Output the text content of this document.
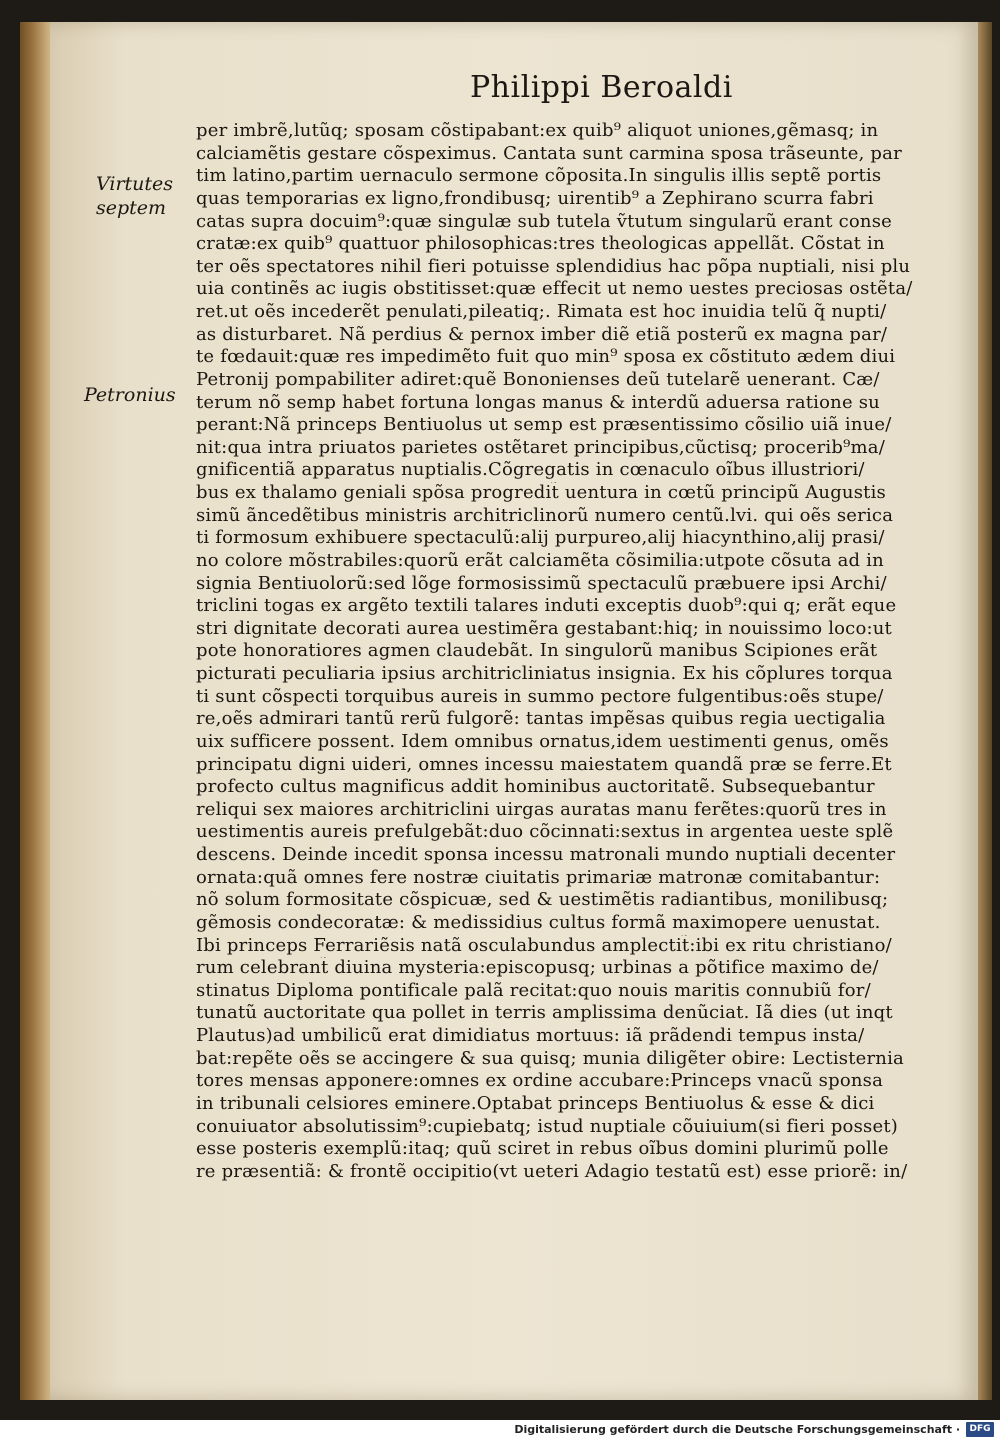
Philippi Beroaldi
Virtutes
septem
Petronius
per imbrẽ,lutũq; sposam cõstipabant:ex quib⁹ aliquot uniones,gẽmasq; in
calciamẽtis gestare cõspeximus. Cantata sunt carmina sposa trãseunte, par
tim latino,partim uernaculo sermone cõposita.In singulis illis septẽ portis
quas temporarias ex ligno,frondibusq; uirentib⁹ a Zephirano scurra fabri
catas supra docuim⁹:quæ singulæ sub tutela ṽtutum singularũ erant conse
cratæ:ex quib⁹ quattuor philosophicas:tres theologicas appellãt. Cõstat in
ter oẽs spectatores nihil fieri potuisse splendidius hac põpa nuptiali, nisi plu
uia continẽs ac iugis obstitisset:quæ effecit ut nemo uestes preciosas ostẽta/
ret.ut oẽs incederẽt penulati,pileatiq;. Rimata est hoc inuidia telũ q̃ nupti/
as disturbaret. Nã perdius & pernox imber diẽ etiã posterũ ex magna par/
te fœdauit:quæ res impedimẽto fuit quo min⁹ sposa ex cõstituto ædem diui
Petronij pompabiliter adiret:quẽ Bononienses deũ tutelarẽ uenerant. Cæ/
terum nõ semp habet fortuna longas manus & interdũ aduersa ratione su
perant:Nã princeps Bentiuolus ut semp est præsentissimo cõsilio uiã inue/
nit:qua intra priuatos parietes ostẽtaret principibus,cũctisq; procerib⁹ma/
gnificentiã apparatus nuptialis.Cõgregatis in cœnaculo oĩbus illustriori/
bus ex thalamo geniali spõsa progredit̃ uentura in cœtũ principũ Augustis
simũ ãncedẽtibus ministris architriclinorũ numero centũ.lvi. qui oẽs serica
ti formosum exhibuere spectaculũ:alij purpureo,alij hiacynthino,alij prasi/
no colore mõstrabiles:quorũ erãt calciamẽta cõsimilia:utpote cõsuta ad in
signia Bentiuolorũ:sed lõge formosissimũ spectaculũ præbuere ipsi Archi/
triclini togas ex argẽto textili talares induti exceptis duob⁹:qui q; erãt eque
stri dignitate decorati aurea uestimẽra gestabant:hiq; in nouissimo loco:ut
pote honoratiores agmen claudebãt. In singulorũ manibus Scipiones erãt
picturati peculiaria ipsius architricliniatus insignia. Ex his cõplures torqua
ti sunt cõspecti torquibus aureis in summo pectore fulgentibus:oẽs stupe/
re,oẽs admirari tantũ rerũ fulgorẽ: tantas impẽsas quibus regia uectigalia
uix sufficere possent. Idem omnibus ornatus,idem uestimenti genus, omẽs
principatu digni uideri, omnes incessu maiestatem quandã præ se ferre.Et
profecto cultus magnificus addit hominibus auctoritatẽ. Subsequebantur
reliqui sex maiores architriclini uirgas auratas manu ferẽtes:quorũ tres in
uestimentis aureis prefulgebãt:duo cõcinnati:sextus in argentea ueste splẽ
descens. Deinde incedit sponsa incessu matronali mundo nuptiali decenter
ornata:quã omnes fere nostræ ciuitatis primariæ matronæ comitabantur:
nõ solum formositate cõspicuæ, sed & uestimẽtis radiantibus, monilibusq;
gẽmosis condecoratæ: & medissidius cultus formã maximopere uenustat.
Ibi princeps Ferrariẽsis natã osculabundus amplectit̃:ibi ex ritu christiano/
rum celebrant̃ diuina mysteria:episcopusq; urbinas a põtifice maximo de/
stinatus Diploma pontificale palã recitat:quo nouis maritis connubiũ for/
tunatũ auctoritate qua pollet in terris amplissima denũciat. Iã dies (ut inqt
Plautus)ad umbilicũ erat dimidiatus mortuus: iã prãdendi tempus insta/
bat:repẽte oẽs se accingere & sua quisq; munia diligẽter obire: Lectisternia
tores mensas apponere:omnes ex ordine accubare:Princeps vnacũ sponsa
in tribunali celsiores eminere.Optabat princeps Bentiuolus & esse & dici
conuiuator absolutissim⁹:cupiebatq; istud nuptiale cõuiuium(si fieri posset)
esse posteris exemplũ:itaq; quũ sciret in rebus oĩbus domini plurimũ polle
re præsentiã: & frontẽ occipitio(vt ueteri Adagio testatũ est) esse priorẽ: in/
Digitalisierung gefördert durch die Deutsche Forschungsgemeinschaft ·	DFG
